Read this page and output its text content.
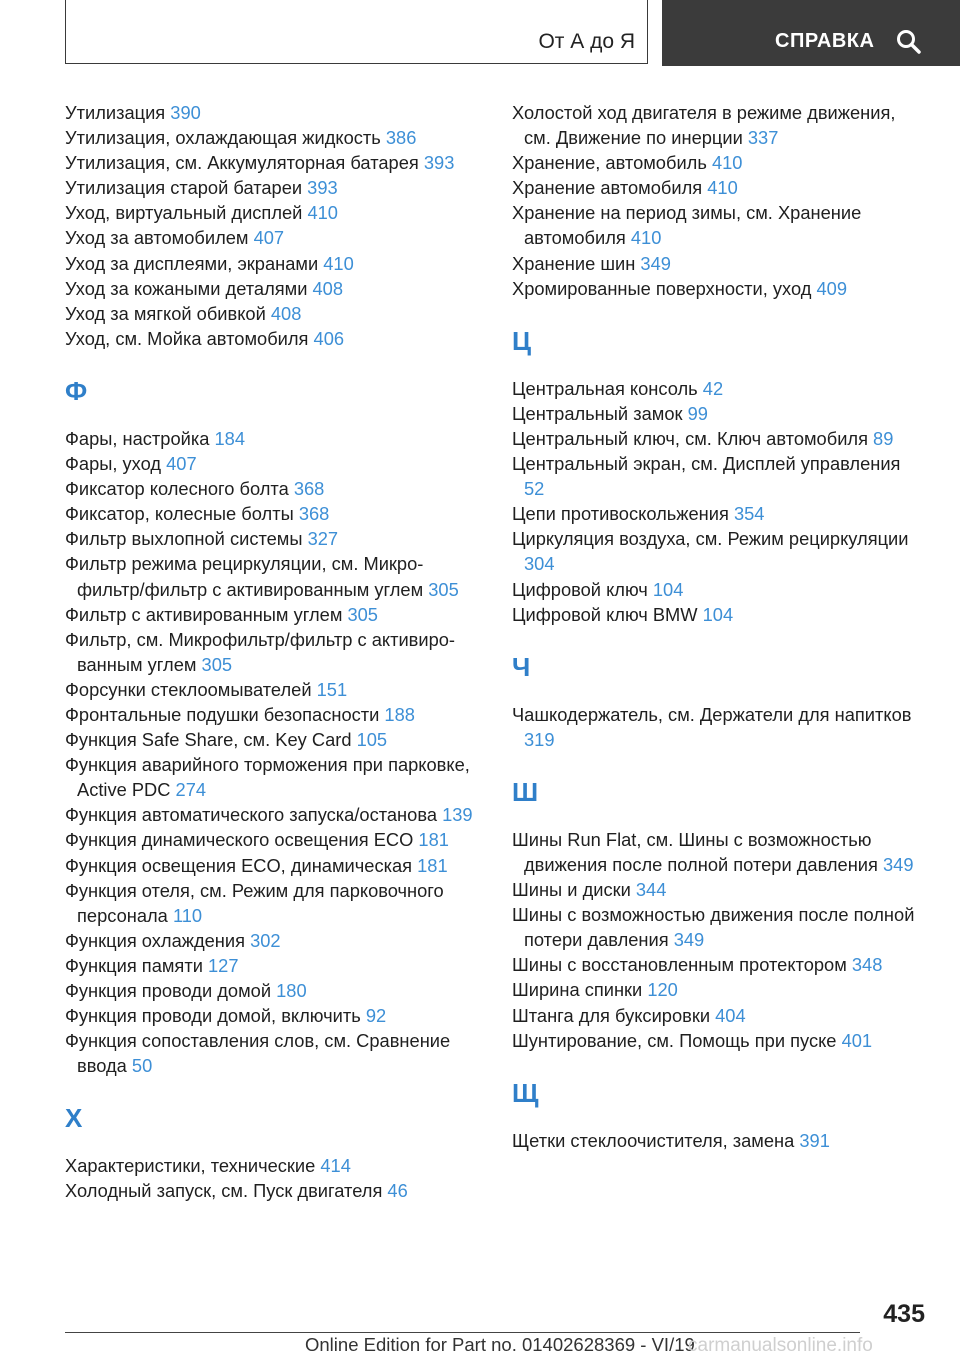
От А до Я	СПРАВКА
Утилизация 390
Утилизация, охлаждающая жидкость 386
Утилизация, см. Аккумуляторная батарея 393
Утилизация старой батареи 393
Уход, виртуальный дисплей 410
Уход за автомобилем 407
Уход за дисплеями, экранами 410
Уход за кожаными деталями 408
Уход за мягкой обивкой 408
Уход, см. Мойка автомобиля 406
Ф
Фары, настройка 184
Фары, уход 407
Фиксатор колесного болта 368
Фиксатор, колесные болты 368
Фильтр выхлопной системы 327
Фильтр режима рециркуляции, см. Микрофильтр/фильтр с активированным углем 305
Фильтр с активированным углем 305
Фильтр, см. Микрофильтр/фильтр с активированным углем 305
Форсунки стеклоомывателей 151
Фронтальные подушки безопасности 188
Функция Safe Share, см. Key Card 105
Функция аварийного торможения при парковке, Active PDC 274
Функция автоматического запуска/останова 139
Функция динамического освещения ECO 181
Функция освещения ECO, динамическая 181
Функция отеля, см. Режим для парковочного персонала 110
Функция охлаждения 302
Функция памяти 127
Функция проводи домой 180
Функция проводи домой, включить 92
Функция сопоставления слов, см. Сравнение ввода 50
Х
Характеристики, технические 414
Холодный запуск, см. Пуск двигателя 46
Холостой ход двигателя в режиме движения, см. Движение по инерции 337
Хранение, автомобиль 410
Хранение автомобиля 410
Хранение на период зимы, см. Хранение автомобиля 410
Хранение шин 349
Хромированные поверхности, уход 409
Ц
Центральная консоль 42
Центральный замок 99
Центральный ключ, см. Ключ автомобиля 89
Центральный экран, см. Дисплей управления 52
Цепи противоскольжения 354
Циркуляция воздуха, см. Режим рециркуляции 304
Цифровой ключ 104
Цифровой ключ BMW 104
Ч
Чашкодержатель, см. Держатели для напитков 319
Ш
Шины Run Flat, см. Шины с возможностью движения после полной потери давления 349
Шины и диски 344
Шины с возможностью движения после полной потери давления 349
Шины с восстановленным протектором 348
Ширина спинки 120
Штанга для буксировки 404
Шунтирование, см. Помощь при пуске 401
Щ
Щетки стеклоочистителя, замена 391
435
Online Edition for Part no. 01402628369 - VI/19
carmanualsonline.info
